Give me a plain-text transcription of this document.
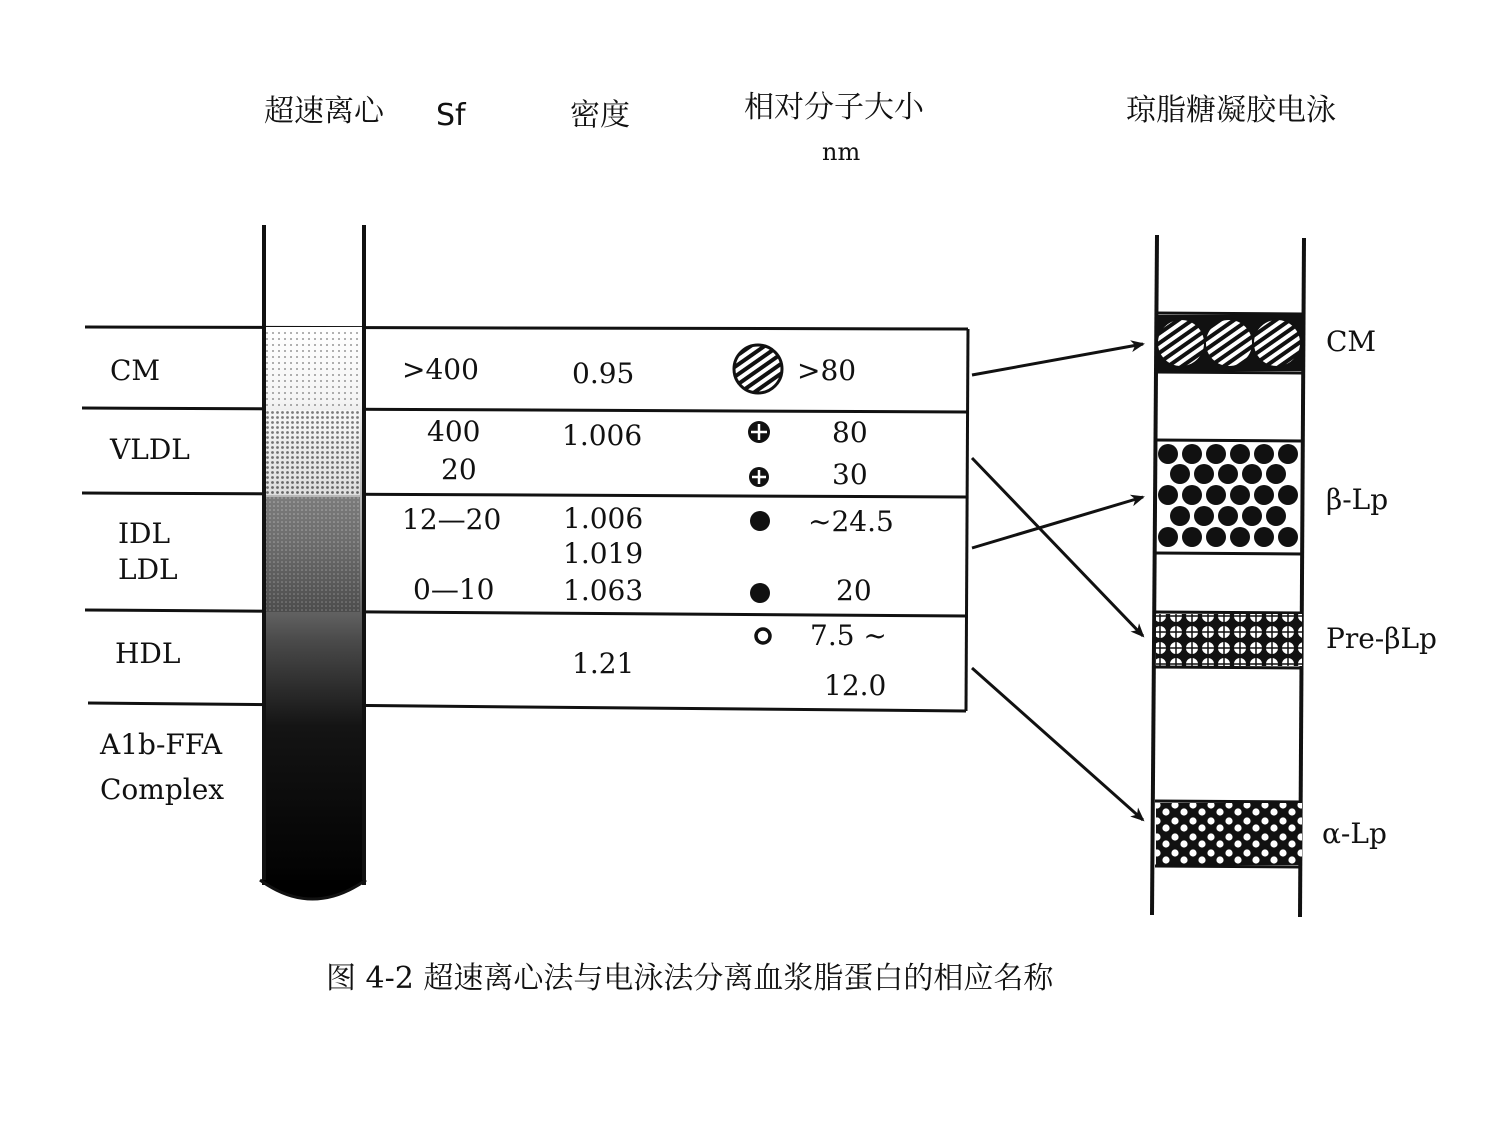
超速离心 Sf	密度	相对分子大小
nm
琼脂糖凝胶电泳
CM
VLDL
IDL
LDL
HDL
A1b-FFA
Complex
>400
400
20
12—20
0—10
0.95
1.006
1.006
1.019
1.063
1.21
>80
80
30
~24.5
20
7.5 ~
12.0
CM
β-Lp
Pre-βLp
α-Lp
图 4-2 超速离心法与电泳法分离血浆脂蛋白的相应名称
